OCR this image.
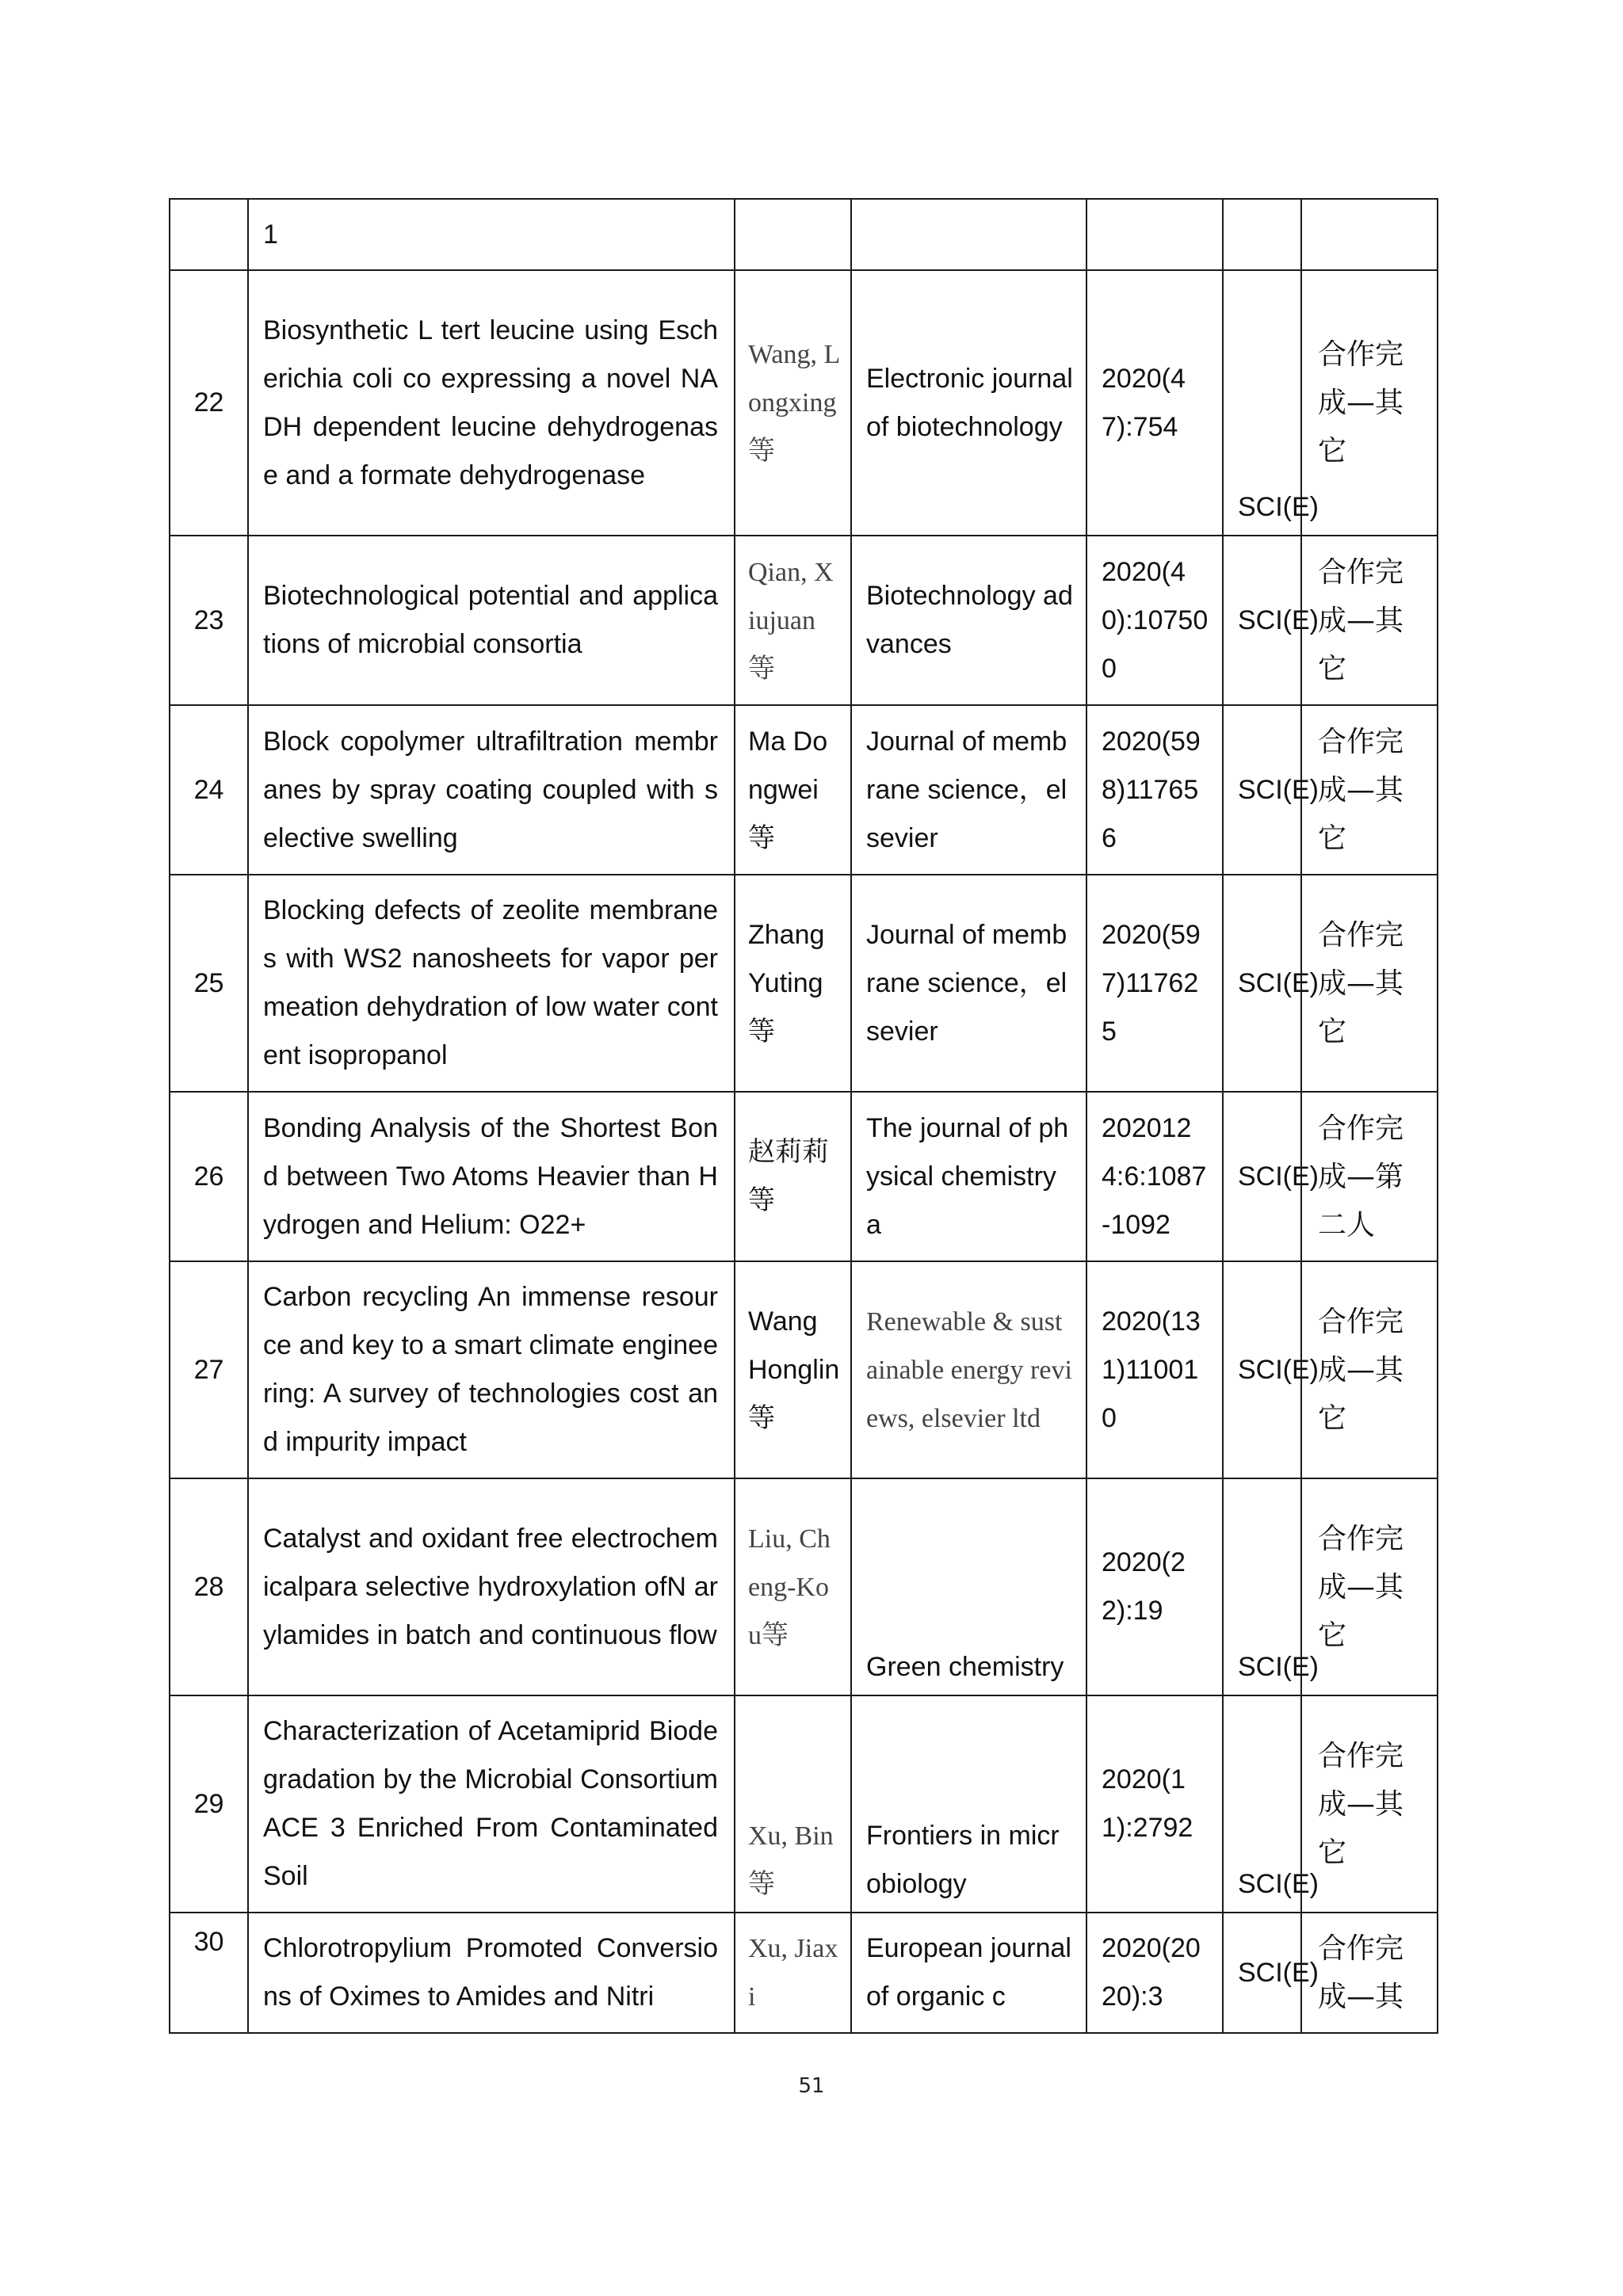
	1					
22	Biosynthetic L tert leucine using Escherichia coli co expressing a novel NADH dependent leucine dehydrogenase and a formate dehydrogenase	Wang, Longxing等	Electronic journal of biotechnology	2020(47):754	SCI(E)	合作完成—其它
23	Biotechnological potential and applications of microbial consortia	Qian, Xiujuan等	Biotechnology advances	2020(40):107500	SCI(E)	合作完成—其它
24	Block copolymer ultrafiltration membranes by spray coating coupled with selective swelling	Ma Dongwei等	Journal of membrane science，elsevier	2020(598)117656	SCI(E)	合作完成—其它
25	Blocking defects of zeolite membranes with WS2 nanosheets for vapor permeation dehydration of low water content isopropanol	Zhang Yuting等	Journal of membrane science，elsevier	2020(597)117625	SCI(E)	合作完成—其它
26	Bonding Analysis of the Shortest Bond between Two Atoms Heavier than Hydrogen and Helium: O22+	赵莉莉等	The journal of physical chemistry a	2020124:6:1087-1092	SCI(E)	合作完成—第二人
27	Carbon recycling An immense resource and key to a smart climate engineering: A survey of technologies cost and impurity impact	Wang Honglin等	Renewable & sustainable energy reviews, elsevier ltd	2020(131)110010	SCI(E)	合作完成—其它
28	Catalyst and oxidant free electrochemicalpara selective hydroxylation ofN arylamides in batch and continuous flow	Liu, Cheng-Kou等	Green chemistry	2020(22):19	SCI(E)	合作完成—其它
29	Characterization of Acetamiprid Biodegradation by the Microbial Consortium ACE 3 Enriched From Contaminated Soil	Xu, Bin等	Frontiers in microbiology	2020(11):2792	SCI(E)	合作完成—其它
30	Chlorotropylium Promoted Conversions of Oximes to Amides and Nitri	Xu, Jiaxi	European journal of organic c	2020(2020):3	SCI(E)	合作完成—其
51
